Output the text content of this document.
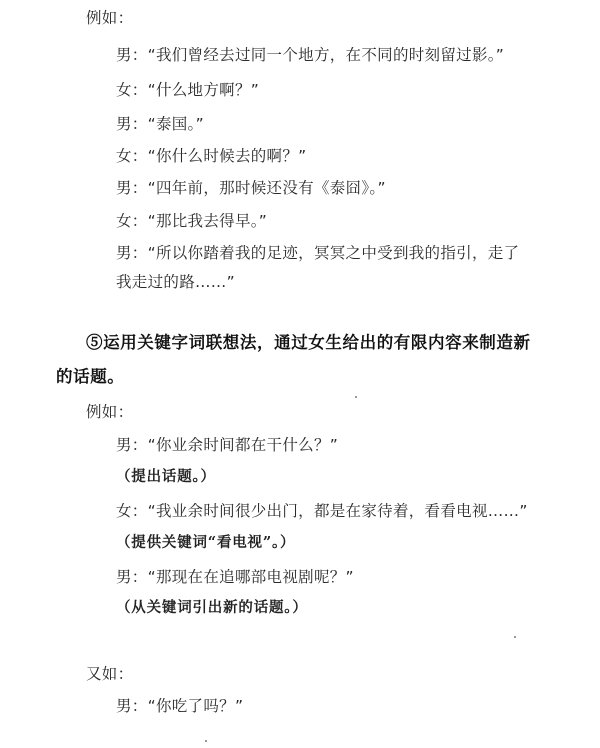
例如：
男：“我们曾经去过同一个地方，在不同的时刻留过影。”
女：“什么地方啊？”
男：“泰国。”
女：“你什么时候去的啊？”
男：“四年前，那时候还没有《泰囧》。”
女：“那比我去得早。”
男：“所以你踏着我的足迹，冥冥之中受到我的指引，走了
我走过的路……”
⑤运用关键字词联想法，通过女生给出的有限内容来制造新
的话题。
例如：
男：“你业余时间都在干什么？”
（提出话题。）
女：“我业余时间很少出门，都是在家待着，看看电视……”
（提供关键词“看电视”。）
男：“那现在在追哪部电视剧呢？”
（从关键词引出新的话题。）
又如：
男：“你吃了吗？”
